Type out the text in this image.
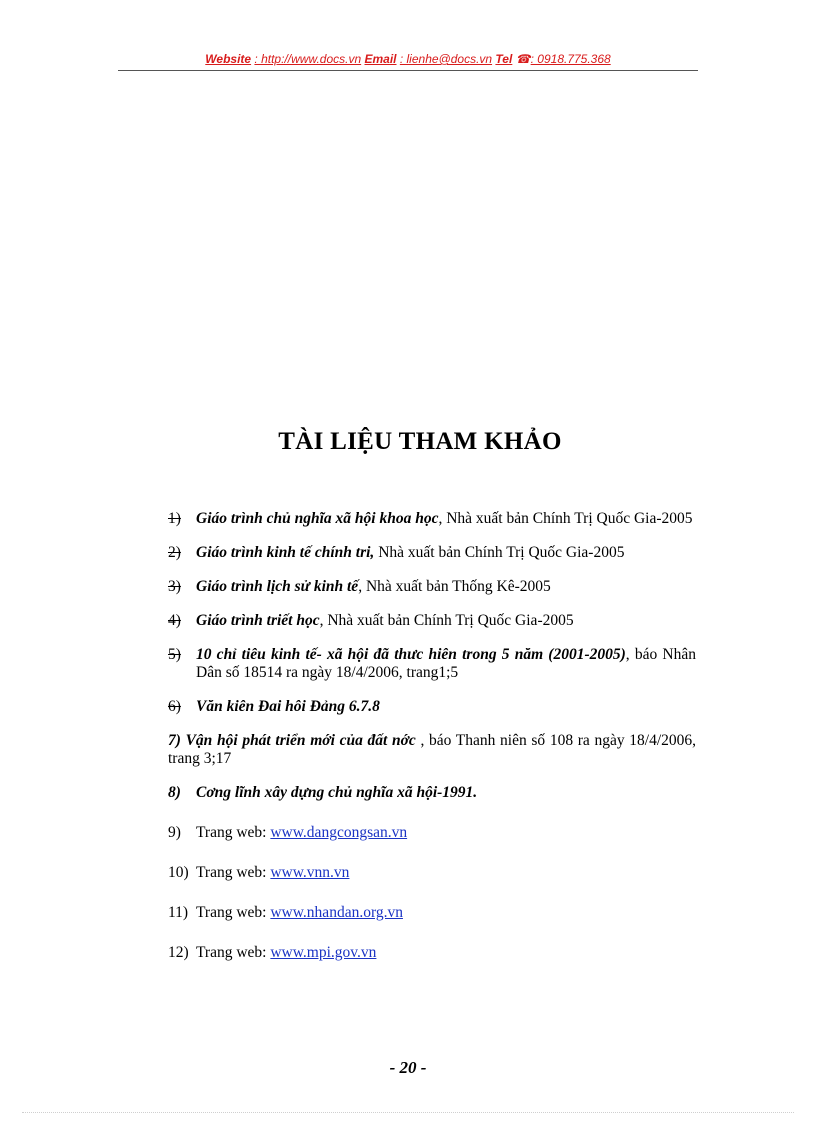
Website : http://www.docs.vn Email : lienhe@docs.vn Tel ☎: 0918.775.368
TÀI LIỆU THAM KHẢO
1) Giáo trình chủ nghĩa xã hội khoa học, Nhà xuất bản Chính Trị Quốc Gia-2005
2) Giáo trình kinh tế chính tri, Nhà xuất bản Chính Trị Quốc Gia-2005
3) Giáo trình lịch sử kinh tế, Nhà xuất bản Thống Kê-2005
4) Giáo trình triết học, Nhà xuất bản Chính Trị Quốc Gia-2005
5) 10 chỉ tiêu kinh tế- xã hội đã thưc hiên trong 5 năm (2001-2005), báo Nhân Dân số 18514 ra ngày 18/4/2006, trang1;5
6) Văn kiên Đai hôi Đảng 6.7.8
7) Vận hội phát triển mới của đất nớc , báo Thanh niên số 108 ra ngày 18/4/2006, trang 3;17
8) Cơng lĩnh xây dựng chủ nghĩa xã hội-1991.
9) Trang web: www.dangcongsan.vn
10) Trang web: www.vnn.vn
11) Trang web: www.nhandan.org.vn
12) Trang web: www.mpi.gov.vn
- 20 -
